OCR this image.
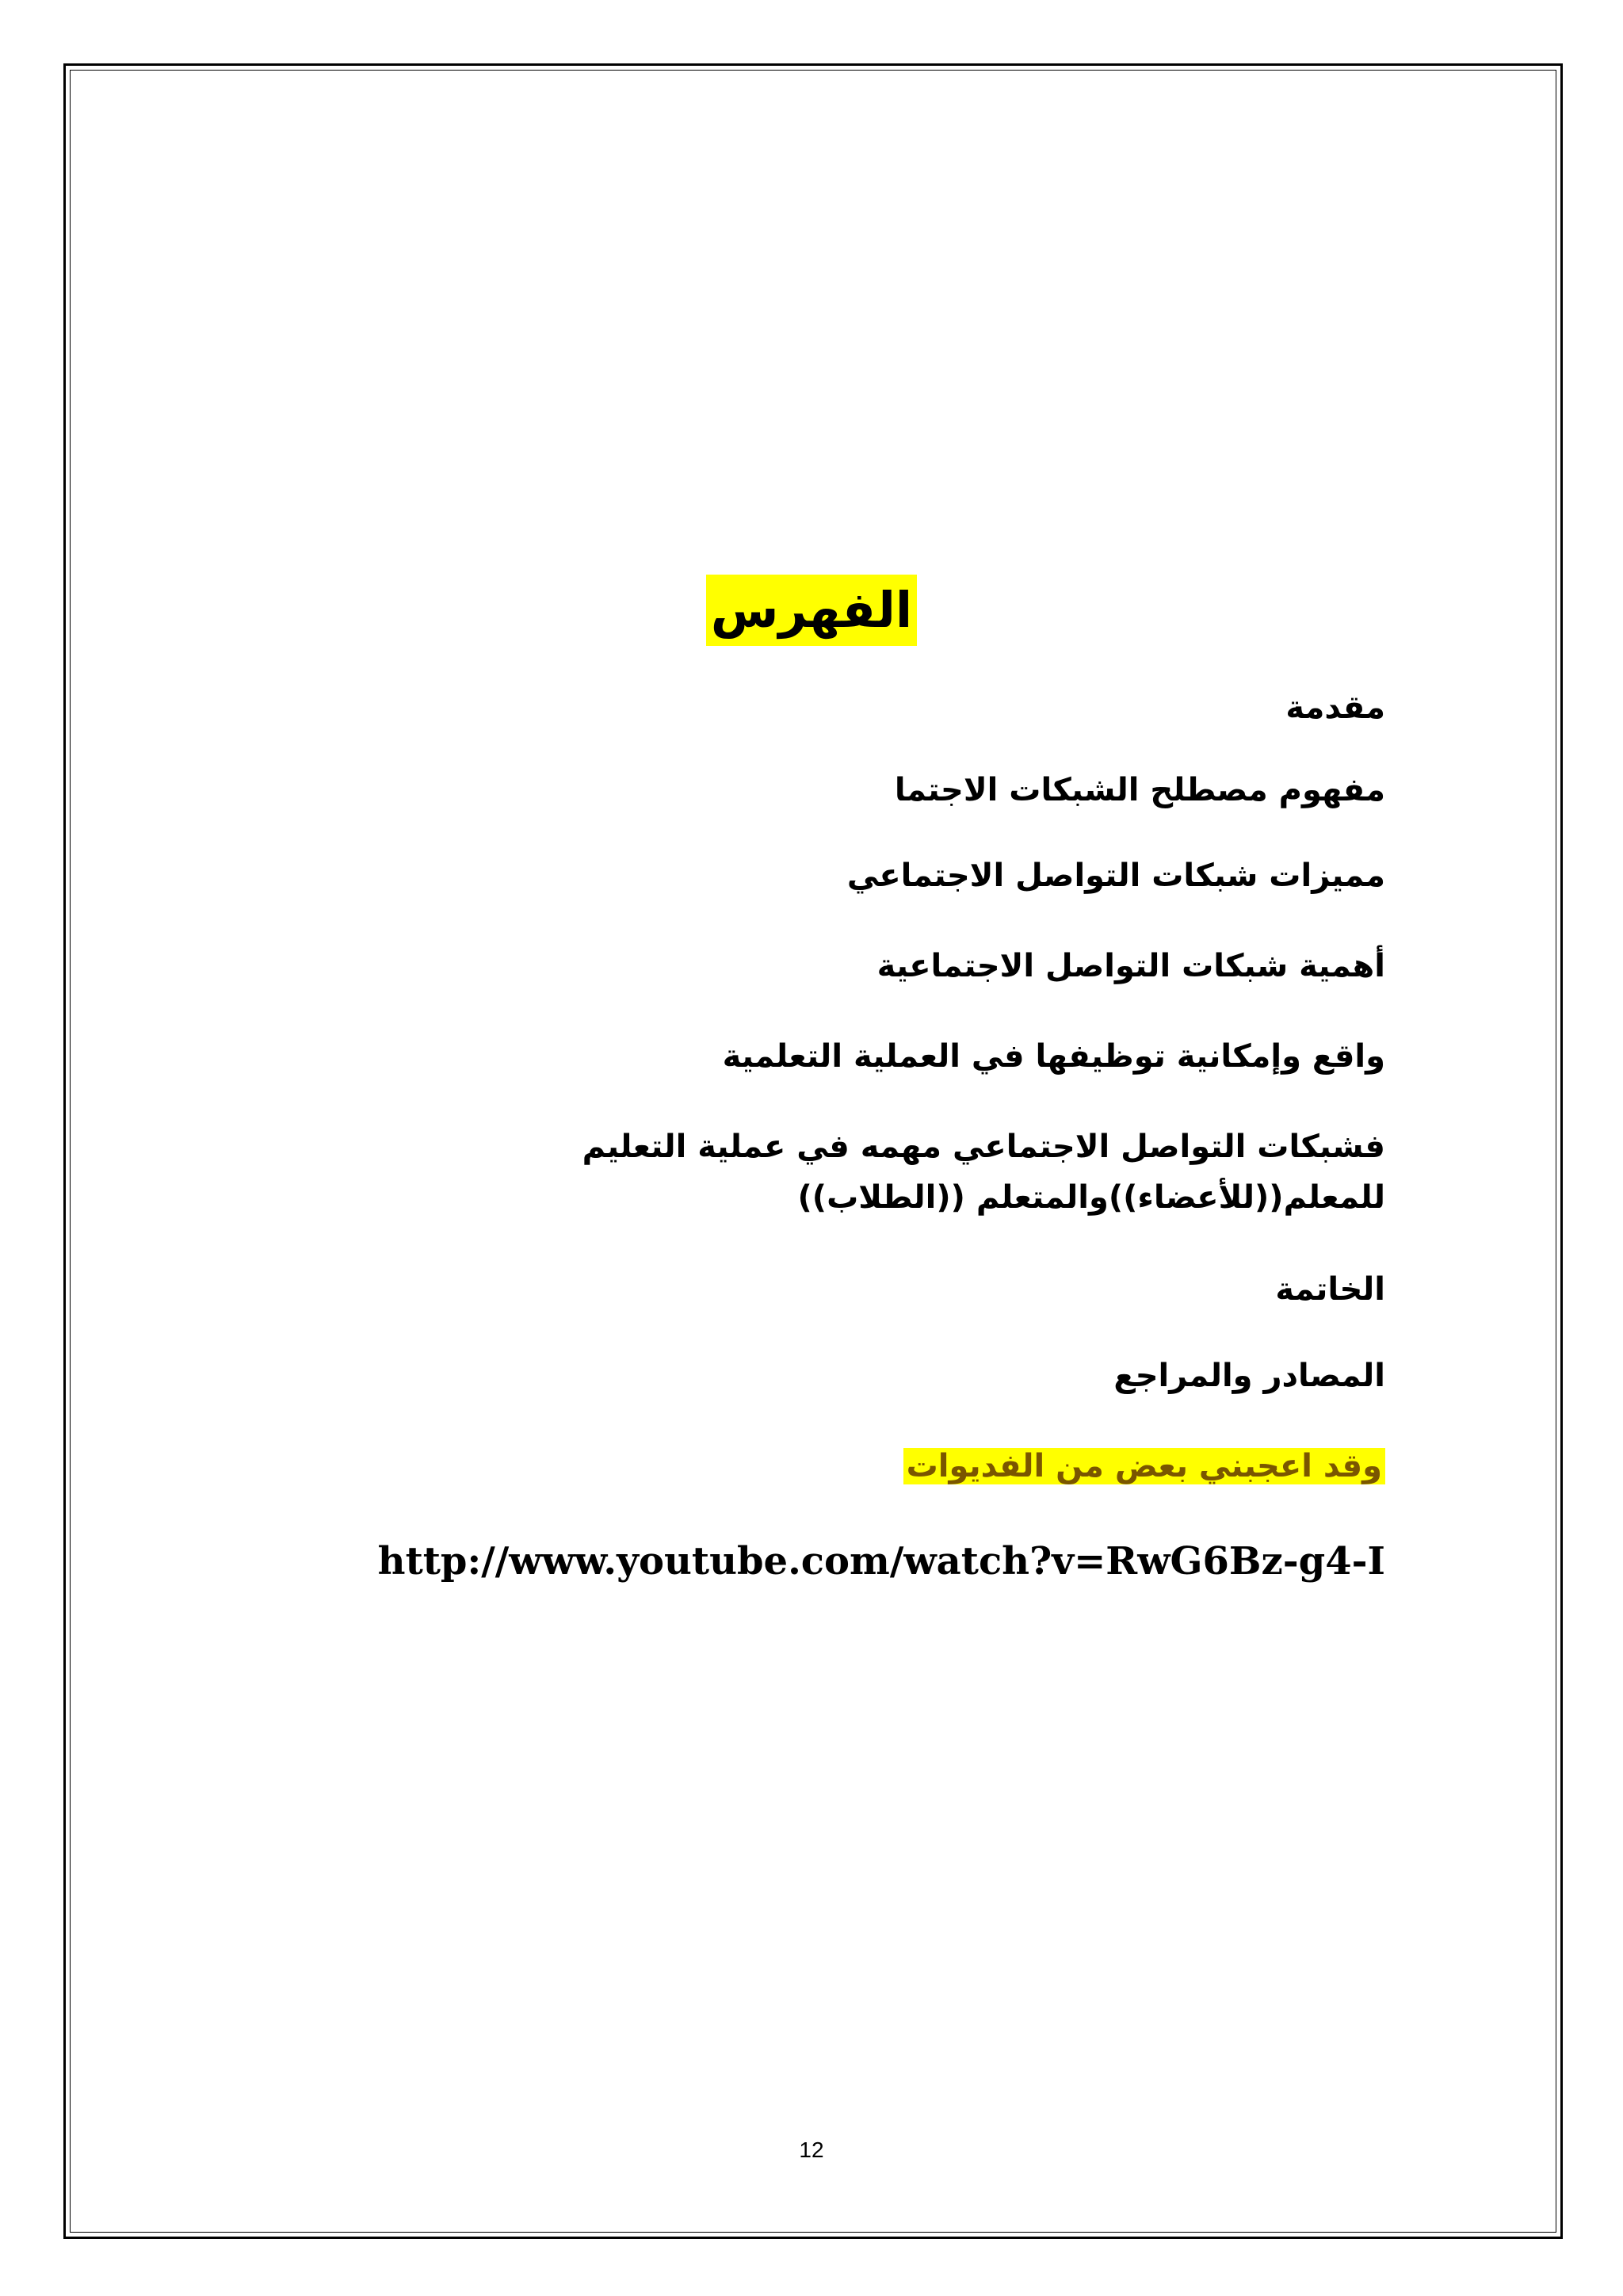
الفهرس
مقدمة
مفهوم مصطلح الشبكات الاجتما
مميزات شبكات التواصل الاجتماعي
أهمية شبكات التواصل الاجتماعية
واقع وإمكانية توظيفها في العملية التعلمية
فشبكات التواصل الاجتماعي مهمه في عملية التعليم للمعلم((للأعضاء))والمتعلم ((الطلاب))
الخاتمة
المصادر والمراجع
وقد اعجبني بعض من الفديوات
http://www.youtube.com/watch?v=RwG6Bz-g4-I
12
